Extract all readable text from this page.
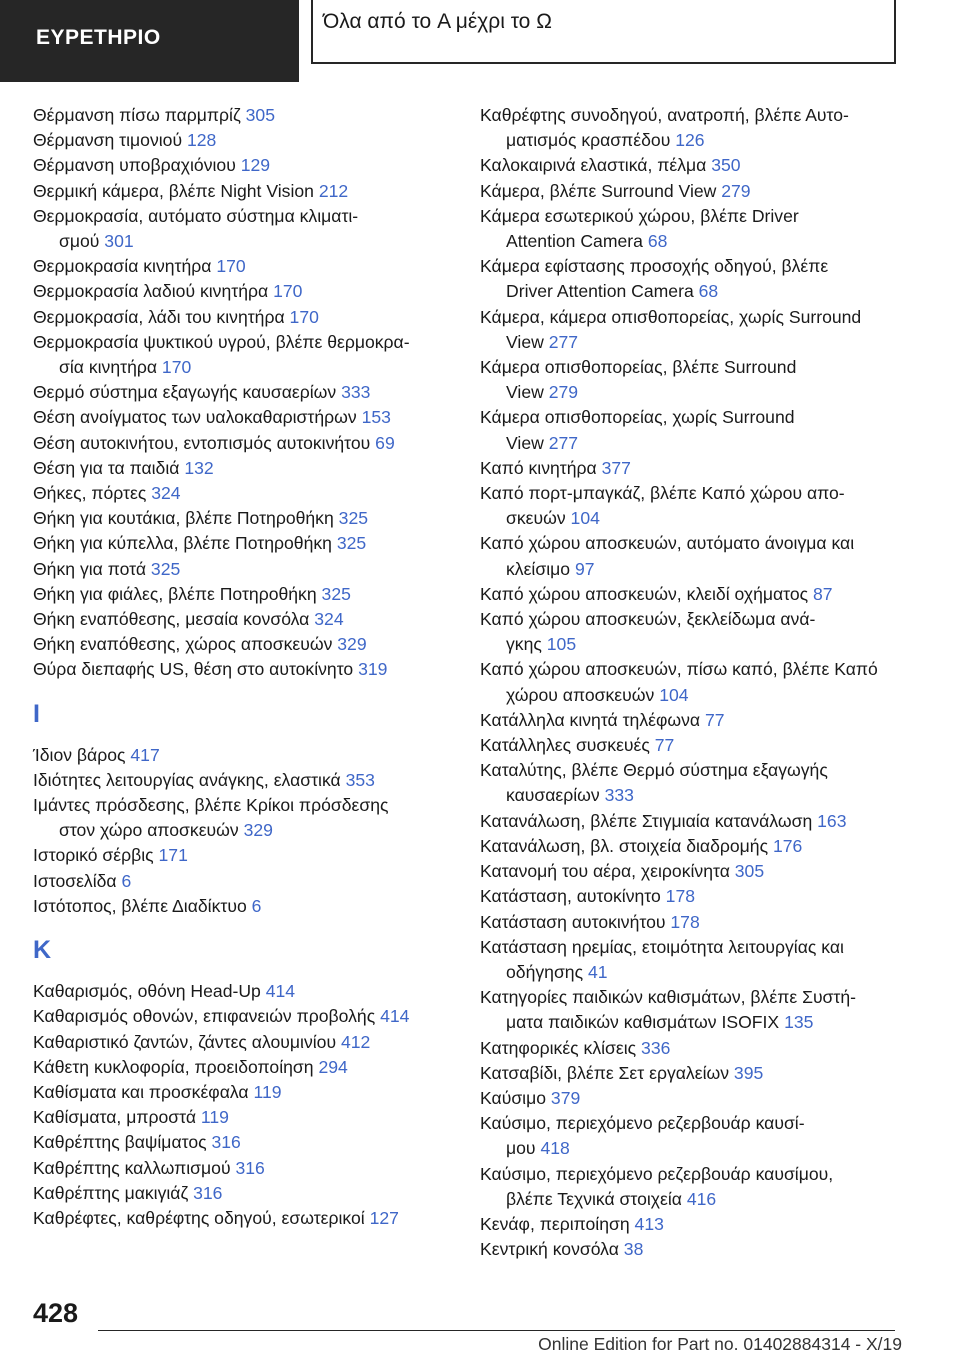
ΕΥΡΕΤΗΡΙΟ
Όλα από το A μέχρι το Ω
Θέρμανση πίσω παρμπρίζ 305
Θέρμανση τιμονιού 128
Θέρμανση υποβραχιόνιου 129
Θερμική κάμερα, βλέπε Night Vision 212
Θερμοκρασία, αυτόματο σύστημα κλιματι‐
σμού 301
Θερμοκρασία κινητήρα 170
Θερμοκρασία λαδιού κινητήρα 170
Θερμοκρασία, λάδι του κινητήρα 170
Θερμοκρασία ψυκτικού υγρού, βλέπε θερμοκρα‐
σία κινητήρα 170
Θερμό σύστημα εξαγωγής καυσαερίων 333
Θέση ανοίγματος των υαλοκαθαριστήρων 153
Θέση αυτοκινήτου, εντοπισμός αυτοκινήτου 69
Θέση για τα παιδιά 132
Θήκες, πόρτες 324
Θήκη για κουτάκια, βλέπε Ποτηροθήκη 325
Θήκη για κύπελλα, βλέπε Ποτηροθήκη 325
Θήκη για ποτά 325
Θήκη για φιάλες, βλέπε Ποτηροθήκη 325
Θήκη εναπόθεσης, μεσαία κονσόλα 324
Θήκη εναπόθεσης, χώρος αποσκευών 329
Θύρα διεπαφής US, θέση στο αυτοκίνητο 319
Ι
Ίδιον βάρος 417
Ιδιότητες λειτουργίας ανάγκης, ελαστικά 353
Ιμάντες πρόσδεσης, βλέπε Κρίκοι πρόσδεσης
στον χώρο αποσκευών 329
Ιστορικό σέρβις 171
Ιστοσελίδα 6
Ιστότοπος, βλέπε Διαδίκτυο 6
Κ
Καθαρισμός, οθόνη Head-Up 414
Καθαρισμός οθονών, επιφανειών προβολής 414
Καθαριστικό ζαντών, ζάντες αλουμινίου 412
Κάθετη κυκλοφορία, προειδοποίηση 294
Καθίσματα και προσκέφαλα 119
Καθίσματα, μπροστά 119
Καθρέπτης βαψίματος 316
Καθρέπτης καλλωπισμού 316
Καθρέπτης μακιγιάζ 316
Καθρέφτες, καθρέφτης οδηγού, εσωτερικοί 127
Καθρέφτης συνοδηγού, ανατροπή, βλέπε Αυτο‐
ματισμός κρασπέδου 126
Καλοκαιρινά ελαστικά, πέλμα 350
Κάμερα, βλέπε Surround View 279
Κάμερα εσωτερικού χώρου, βλέπε Driver
Attention Camera 68
Κάμερα εφίστασης προσοχής οδηγού, βλέπε
Driver Attention Camera 68
Κάμερα, κάμερα οπισθοπορείας, χωρίς Surround
View 277
Κάμερα οπισθοπορείας, βλέπε Surround
View 279
Κάμερα οπισθοπορείας, χωρίς Surround
View 277
Καπό κινητήρα 377
Καπό πορτ-μπαγκάζ, βλέπε Καπό χώρου απο‐
σκευών 104
Καπό χώρου αποσκευών, αυτόματο άνοιγμα και
κλείσιμο 97
Καπό χώρου αποσκευών, κλειδί οχήματος 87
Καπό χώρου αποσκευών, ξεκλείδωμα ανά‐
γκης 105
Καπό χώρου αποσκευών, πίσω καπό, βλέπε Καπό
χώρου αποσκευών 104
Κατάλληλα κινητά τηλέφωνα 77
Κατάλληλες συσκευές 77
Καταλύτης, βλέπε Θερμό σύστημα εξαγωγής
καυσαερίων 333
Κατανάλωση, βλέπε Στιγμιαία κατανάλωση 163
Κατανάλωση, βλ. στοιχεία διαδρομής 176
Κατανομή του αέρα, χειροκίνητα 305
Κατάσταση, αυτοκίνητο 178
Κατάσταση αυτοκινήτου 178
Κατάσταση ηρεμίας, ετοιμότητα λειτουργίας και
οδήγησης 41
Κατηγορίες παιδικών καθισμάτων, βλέπε Συστή‐
ματα παιδικών καθισμάτων ISOFIX 135
Κατηφορικές κλίσεις 336
Κατσαβίδι, βλέπε Σετ εργαλείων 395
Καύσιμο 379
Καύσιμο, περιεχόμενο ρεζερβουάρ καυσί‐
μου 418
Καύσιμο, περιεχόμενο ρεζερβουάρ καυσίμου,
βλέπε Τεχνικά στοιχεία 416
Κενάφ, περιποίηση 413
Κεντρική κονσόλα 38
428
Online Edition for Part no. 01402884314 - X/19
